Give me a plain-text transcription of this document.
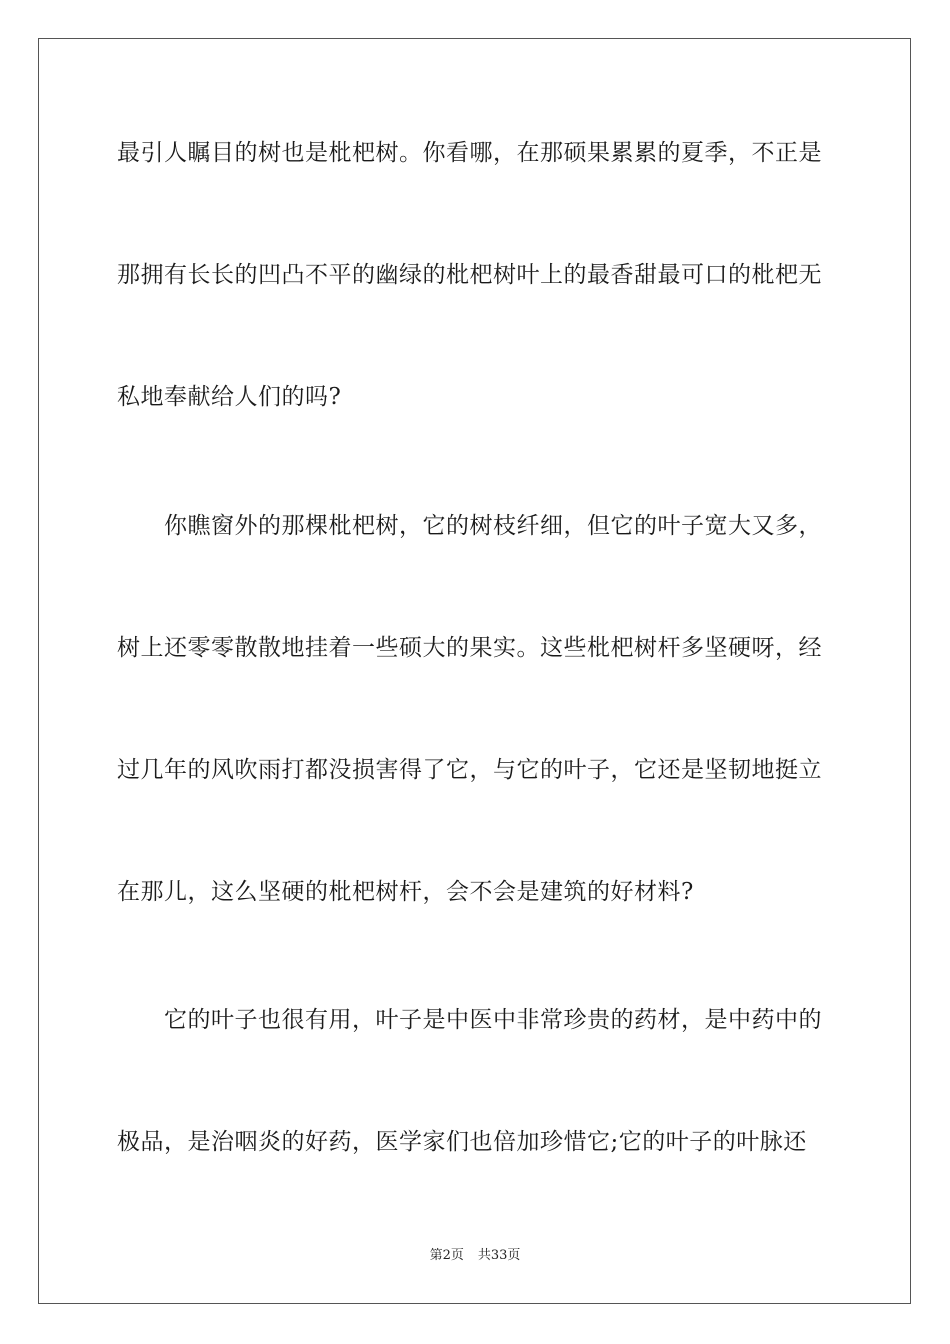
最引人瞩目的树也是枇杷树。你看哪，在那硕果累累的夏季，不正是
那拥有长长的凹凸不平的幽绿的枇杷树叶上的最香甜最可口的枇杷无
私地奉献给人们的吗?
你瞧窗外的那棵枇杷树，它的树枝纤细，但它的叶子宽大又多，
树上还零零散散地挂着一些硕大的果实。这些枇杷树杆多坚硬呀，经
过几年的风吹雨打都没损害得了它，与它的叶子，它还是坚韧地挺立
在那儿，这么坚硬的枇杷树杆，会不会是建筑的好材料?
它的叶子也很有用，叶子是中医中非常珍贵的药材，是中药中的
极品，是治咽炎的好药，医学家们也倍加珍惜它;它的叶子的叶脉还
第2页 共33页
